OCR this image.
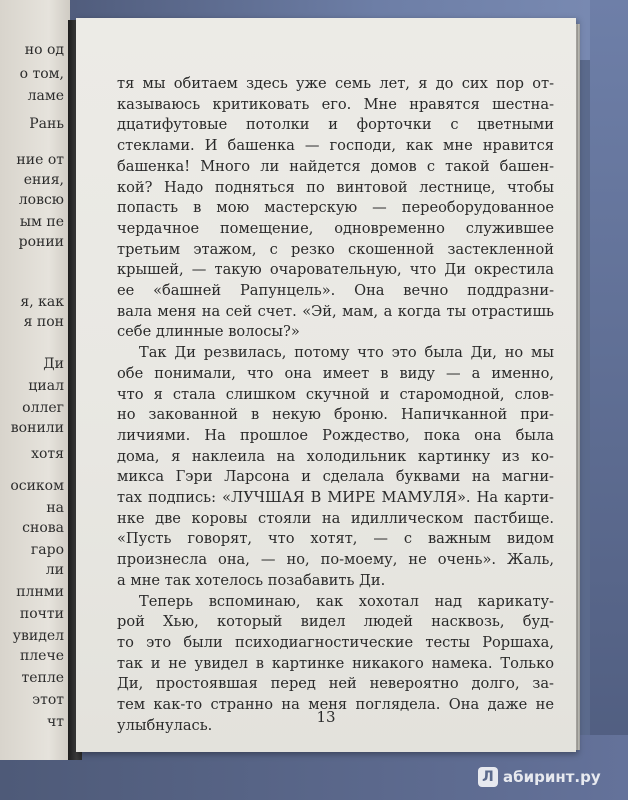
но од
о том,
ламе
Рань
ние от
ения,
ловсю
ым пе
ронии
я, как
я пон
Ди
циал
оллег
вонили
хотя
осиком
на
снова
гаро
ли
плнми
почти
увидел
плече
тепле
этот
чт
тя мы обитаем здесь уже семь лет, я до сих пор от-
казываюсь критиковать его. Мне нравятся шестна-
дцатифутовые потолки и форточки с цветными
стеклами. И башенка — господи, как мне нравится
башенка! Много ли найдется домов с такой башен-
кой? Надо подняться по винтовой лестнице, чтобы
попасть в мою мастерскую — переоборудованное
чердачное помещение, одновременно служившее
третьим этажом, с резко скошенной застекленной
крышей, — такую очаровательную, что Ди окрестила
ее «башней Рапунцель». Она вечно поддразни-
вала меня на сей счет. «Эй, мам, а когда ты отрастишь
себе длинные волосы?»
Так Ди резвилась, потому что это была Ди, но мы
обе понимали, что она имеет в виду — а именно,
что я стала слишком скучной и старомодной, слов-
но закованной в некую броню. Напичканной при-
личиями. На прошлое Рождество, пока она была
дома, я наклеила на холодильник картинку из ко-
микса Гэри Ларсона и сделала буквами на магни-
тах подпись: «ЛУЧШАЯ В МИРЕ МАМУЛЯ». На карти-
нке две коровы стояли на идиллическом пастбище.
«Пусть говорят, что хотят, — с важным видом
произнесла она, — но, по-моему, не очень». Жаль,
а мне так хотелось позабавить Ди.
Теперь вспоминаю, как хохотал над карикату-
рой Хью, который видел людей насквозь, буд-
то это были психодиагностические тесты Роршаха,
так и не увидел в картинке никакого намека. Только
Ди, простоявшая перед ней невероятно долго, за-
тем как-то странно на меня поглядела. Она даже не
улыбнулась.	13
Л абиринт.ру
